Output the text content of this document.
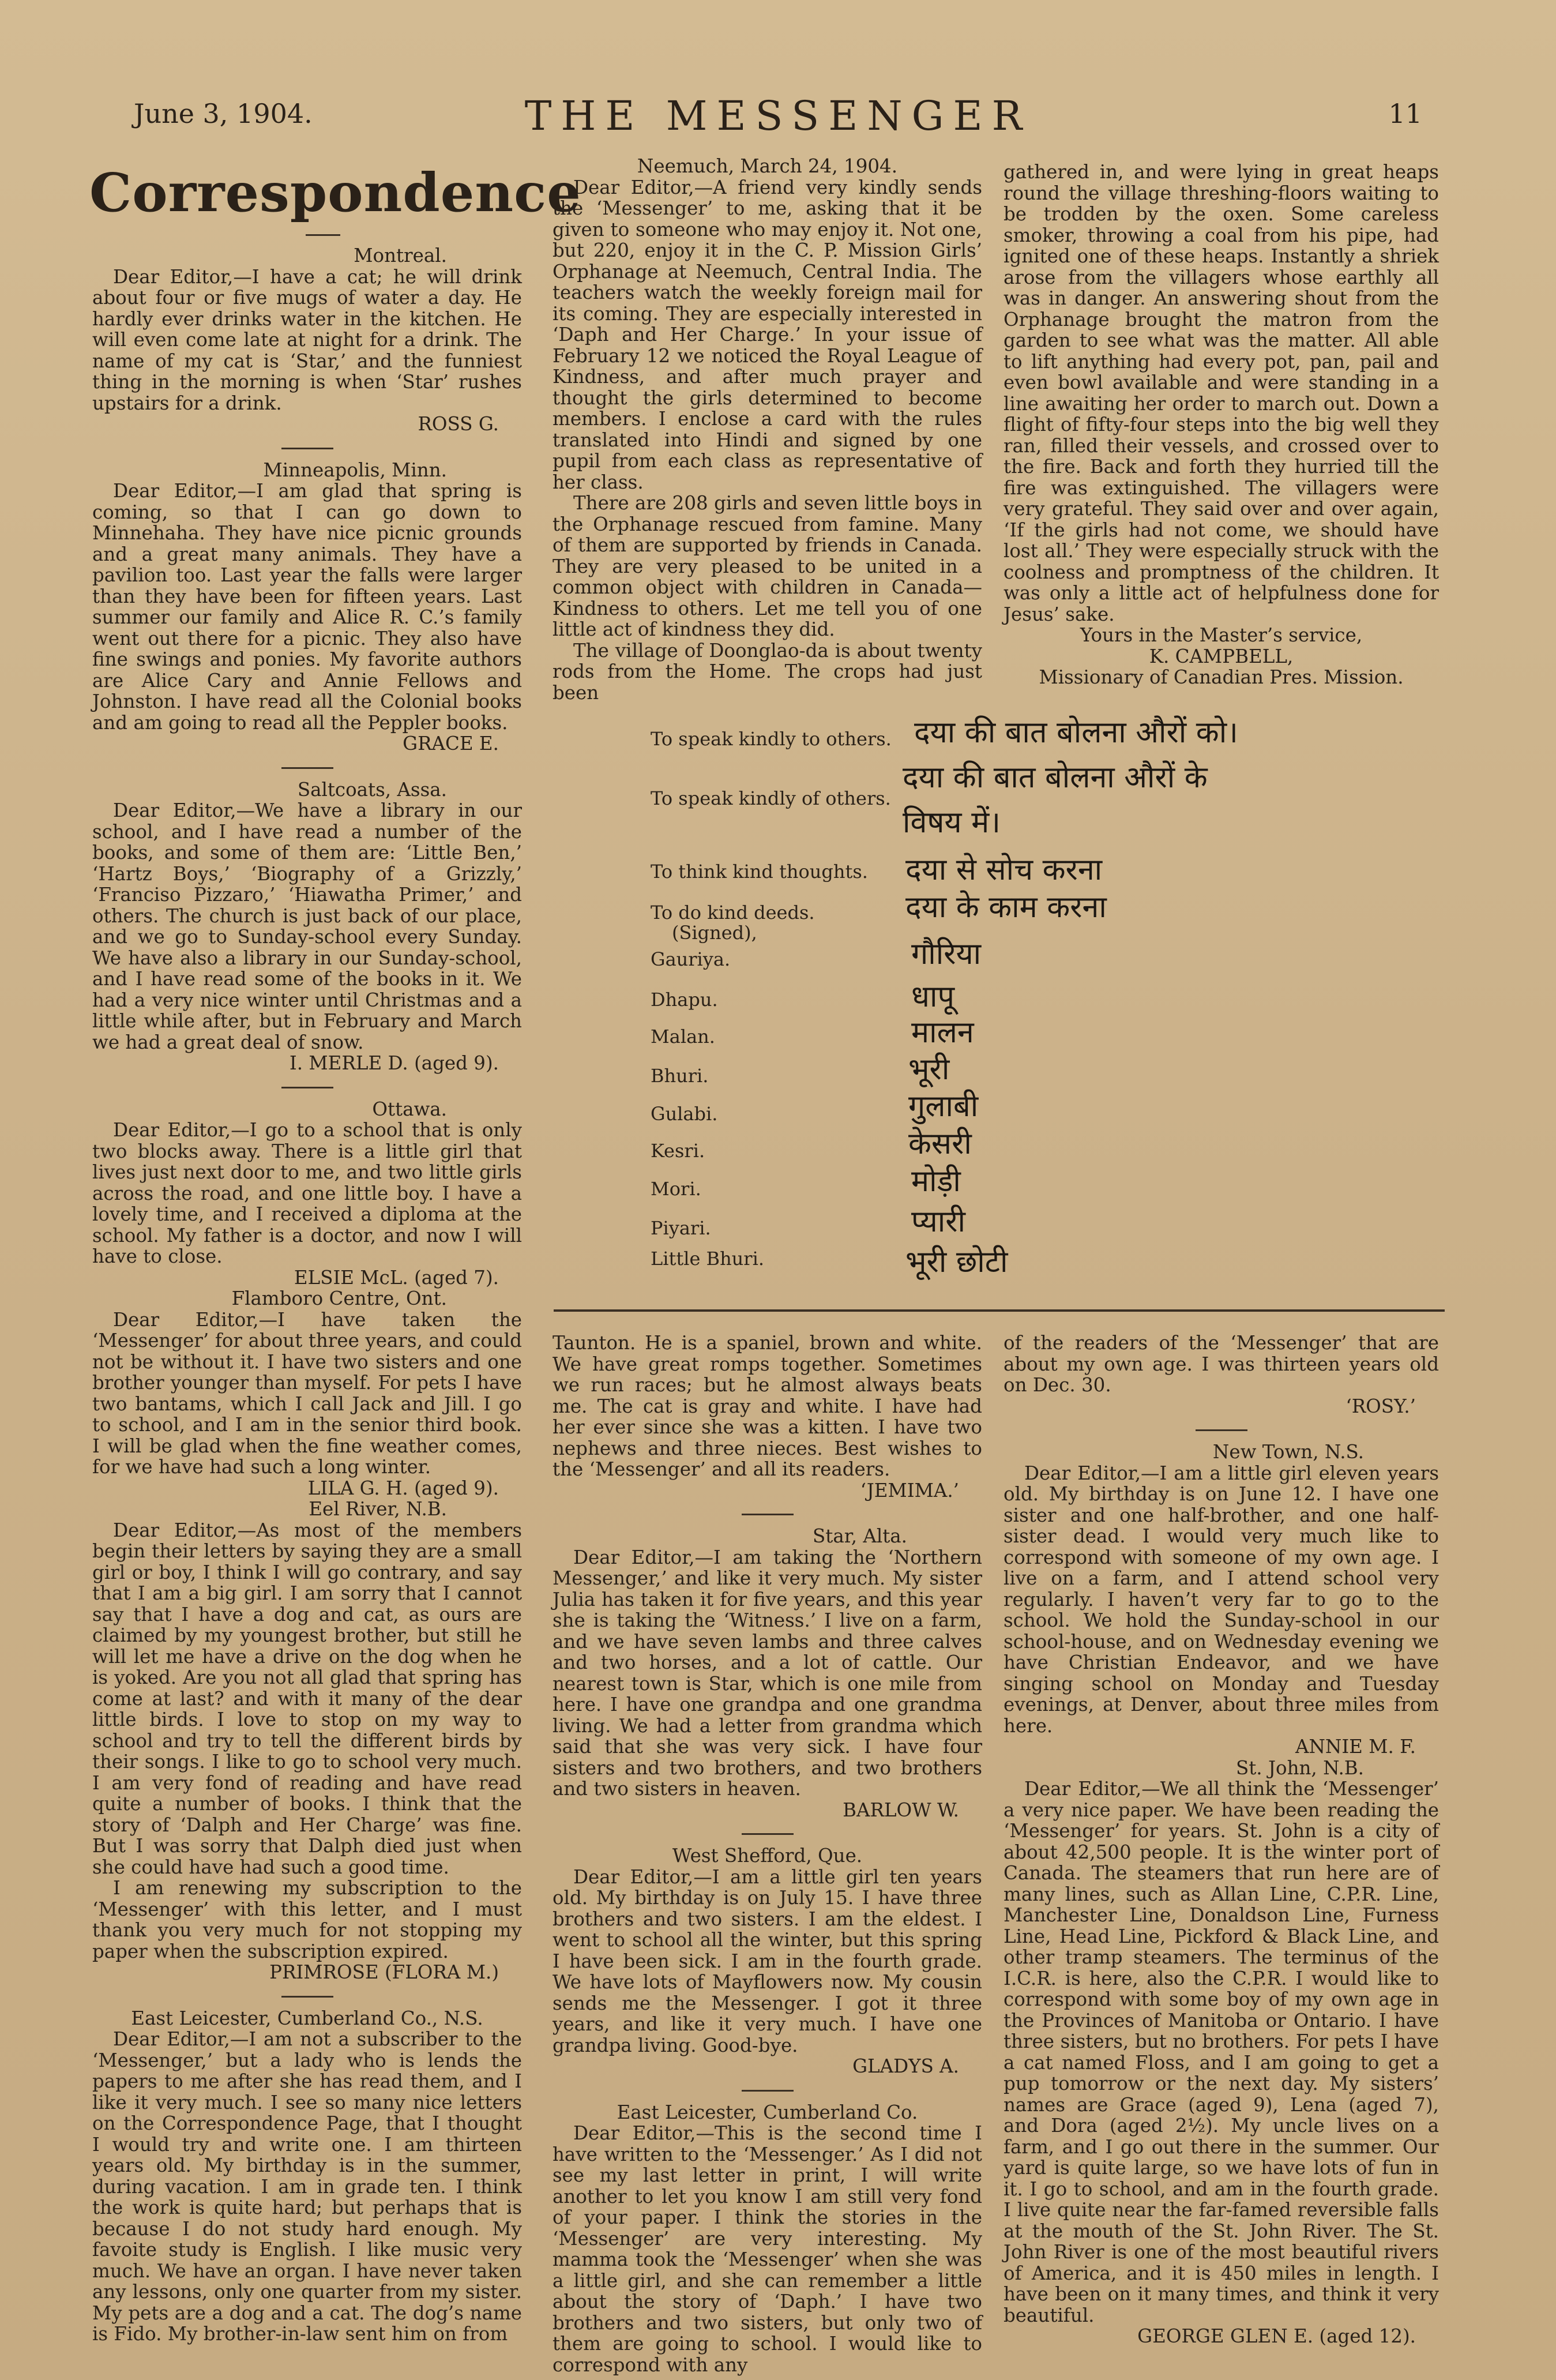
June 3, 1904.	THE MESSENGER	11
Correspondence

Montreal.

Dear Editor,—I have a cat; he will drink about four or five mugs of water a day. He hardly ever drinks water in the kitchen. He will even come late at night for a drink. The name of my cat is ‘Star,’ and the funniest thing in the morning is when ‘Star’ rushes upstairs for a drink.

ROSS G.

Minneapolis, Minn.

Dear Editor,—I am glad that spring is coming, so that I can go down to Minnehaha. They have nice picnic grounds and a great many animals. They have a pavilion too. Last year the falls were larger than they have been for fifteen years. Last summer our family and Alice R. C.’s family went out there for a picnic. They also have fine swings and ponies. My favorite authors are Alice Cary and Annie Fellows and Johnston. I have read all the Colonial books and am going to read all the Peppler books.

GRACE E.

Saltcoats, Assa.

Dear Editor,—We have a library in our school, and I have read a number of the books, and some of them are: ‘Little Ben,’ ‘Hartz Boys,’ ‘Biography of a Grizzly,’ ‘Franciso Pizzaro,’ ‘Hiawatha Primer,’ and others. The church is just back of our place, and we go to Sunday-school every Sunday. We have also a library in our Sunday-school, and I have read some of the books in it. We had a very nice winter until Christmas and a little while after, but in February and March we had a great deal of snow.

I. MERLE D. (aged 9).

Ottawa.

Dear Editor,—I go to a school that is only two blocks away. There is a little girl that lives just next door to me, and two little girls across the road, and one little boy. I have a lovely time, and I received a diploma at the school. My father is a doctor, and now I will have to close.

ELSIE McL. (aged 7).

Flamboro Centre, Ont.

Dear Editor,—I have taken the ‘Messenger’ for about three years, and could not be without it. I have two sisters and one brother younger than myself. For pets I have two bantams, which I call Jack and Jill. I go to school, and I am in the senior third book. I will be glad when the fine weather comes, for we have had such a long winter.

LILA G. H. (aged 9).

Eel River, N.B.

Dear Editor,—As most of the members begin their letters by saying they are a small girl or boy, I think I will go contrary, and say that I am a big girl. I am sorry that I cannot say that I have a dog and cat, as ours are claimed by my youngest brother, but still he will let me have a drive on the dog when he is yoked. Are you not all glad that spring has come at last? and with it many of the dear little birds. I love to stop on my way to school and try to tell the different birds by their songs. I like to go to school very much. I am very fond of reading and have read quite a number of books. I think that the story of ‘Dalph and Her Charge’ was fine. But I was sorry that Dalph died just when she could have had such a good time.

I am renewing my subscription to the ‘Messenger’ with this letter, and I must thank you very much for not stopping my paper when the subscription expired.

PRIMROSE (FLORA M.)

East Leicester, Cumberland Co., N.S.

Dear Editor,—I am not a subscriber to the ‘Messenger,’ but a lady who is lends the papers to me after she has read them, and I like it very much. I see so many nice letters on the Correspondence Page, that I thought I would try and write one. I am thirteen years old. My birthday is in the summer, during vacation. I am in grade ten. I think the work is quite hard; but perhaps that is because I do not study hard enough. My favoite study is English. I like music very much. We have an organ. I have never taken any lessons, only one quarter from my sister. My pets are a dog and a cat. The dog’s name is Fido. My brother-in-law sent him on from

Neemuch, March 24, 1904.

Dear Editor,—A friend very kindly sends the ‘Messenger’ to me, asking that it be given to someone who may enjoy it. Not one, but 220, enjoy it in the C. P. Mission Girls’ Orphanage at Neemuch, Central India. The teachers watch the weekly foreign mail for its coming. They are especially interested in ‘Daph and Her Charge.’ In your issue of February 12 we noticed the Royal League of Kindness, and after much prayer and thought the girls determined to become members. I enclose a card with the rules translated into Hindi and signed by one pupil from each class as representative of her class.

There are 208 girls and seven little boys in the Orphanage rescued from famine. Many of them are supported by friends in Canada. They are very pleased to be united in a common object with children in Canada—Kindness to others. Let me tell you of one little act of kindness they did.

The village of Doonglao-da is about twenty rods from the Home. The crops had just been

gathered in, and were lying in great heaps round the village threshing-floors waiting to be trodden by the oxen. Some careless smoker, throwing a coal from his pipe, had ignited one of these heaps. Instantly a shriek arose from the villagers whose earthly all was in danger. An answering shout from the Orphanage brought the matron from the garden to see what was the matter. All able to lift anything had every pot, pan, pail and even bowl available and were standing in a line awaiting her order to march out. Down a flight of fifty-four steps into the big well they ran, filled their vessels, and crossed over to the fire. Back and forth they hurried till the fire was extinguished. The villagers were very grateful. They said over and over again, ‘If the girls had not come, we should have lost all.’ They were especially struck with the coolness and promptness of the children. It was only a little act of helpfulness done for Jesus’ sake.

Yours in the Master’s service,

K. CAMPBELL,

Missionary of Canadian Pres. Mission.

To speak kindly to others.
To speak kindly of others.
To think kind thoughts.
To do kind deeds.
(Signed),
Gauriya.
Dhapu.
Malan.
Bhuri.
Gulabi.
Kesri.
Mori.
Piyari.
Little Bhuri.
दया की बात बोलना औरों को।
दया की बात बोलना औरों के
विषय में।
दया से सोच करना
दया के काम करना
गौरिया
धापू
मालन
भूरी
गुलाबी
केसरी
मोड़ी
प्यारी
भूरी छोटी

Taunton. He is a spaniel, brown and white. We have great romps together. Sometimes we run races; but he almost always beats me. The cat is gray and white. I have had her ever since she was a kitten. I have two nephews and three nieces. Best wishes to the ‘Messenger’ and all its readers.

‘JEMIMA.’

Star, Alta.

Dear Editor,—I am taking the ‘Northern Messenger,’ and like it very much. My sister Julia has taken it for five years, and this year she is taking the ‘Witness.’ I live on a farm, and we have seven lambs and three calves and two horses, and a lot of cattle. Our nearest town is Star, which is one mile from here. I have one grandpa and one grandma living. We had a letter from grandma which said that she was very sick. I have four sisters and two brothers, and two brothers and two sisters in heaven.

BARLOW W.

West Shefford, Que.

Dear Editor,—I am a little girl ten years old. My birthday is on July 15. I have three brothers and two sisters. I am the eldest. I went to school all the winter, but this spring I have been sick. I am in the fourth grade. We have lots of Mayflowers now. My cousin sends me the Messenger. I got it three years, and like it very much. I have one grandpa living. Good-bye.

GLADYS A.

East Leicester, Cumberland Co.

Dear Editor,—This is the second time I have written to the ‘Messenger.’ As I did not see my last letter in print, I will write another to let you know I am still very fond of your paper. I think the stories in the ‘Messenger’ are very interesting. My mamma took the ‘Messenger’ when she was a little girl, and she can remember a little about the story of ‘Daph.’ I have two brothers and two sisters, but only two of them are going to school. I would like to correspond with any

of the readers of the ‘Messenger’ that are about my own age. I was thirteen years old on Dec. 30.

‘ROSY.’

New Town, N.S.

Dear Editor,—I am a little girl eleven years old. My birthday is on June 12. I have one sister and one half-brother, and one half-sister dead. I would very much like to correspond with someone of my own age. I live on a farm, and I attend school very regularly. I haven’t very far to go to the school. We hold the Sunday-school in our school-house, and on Wednesday evening we have Christian Endeavor, and we have singing school on Monday and Tuesday evenings, at Denver, about three miles from here.

ANNIE M. F.

St. John, N.B.

Dear Editor,—We all think the ‘Messenger’ a very nice paper. We have been reading the ‘Messenger’ for years. St. John is a city of about 42,500 people. It is the winter port of Canada. The steamers that run here are of many lines, such as Allan Line, C.P.R. Line, Manchester Line, Donaldson Line, Furness Line, Head Line, Pickford & Black Line, and other tramp steamers. The terminus of the I.C.R. is here, also the C.P.R. I would like to correspond with some boy of my own age in the Provinces of Manitoba or Ontario. I have three sisters, but no brothers. For pets I have a cat named Floss, and I am going to get a pup tomorrow or the next day. My sisters’ names are Grace (aged 9), Lena (aged 7), and Dora (aged 2½). My uncle lives on a farm, and I go out there in the summer. Our yard is quite large, so we have lots of fun in it. I go to school, and am in the fourth grade. I live quite near the far-famed reversible falls at the mouth of the St. John River. The St. John River is one of the most beautiful rivers of America, and it is 450 miles in length. I have been on it many times, and think it very beautiful.

GEORGE GLEN E. (aged 12).
